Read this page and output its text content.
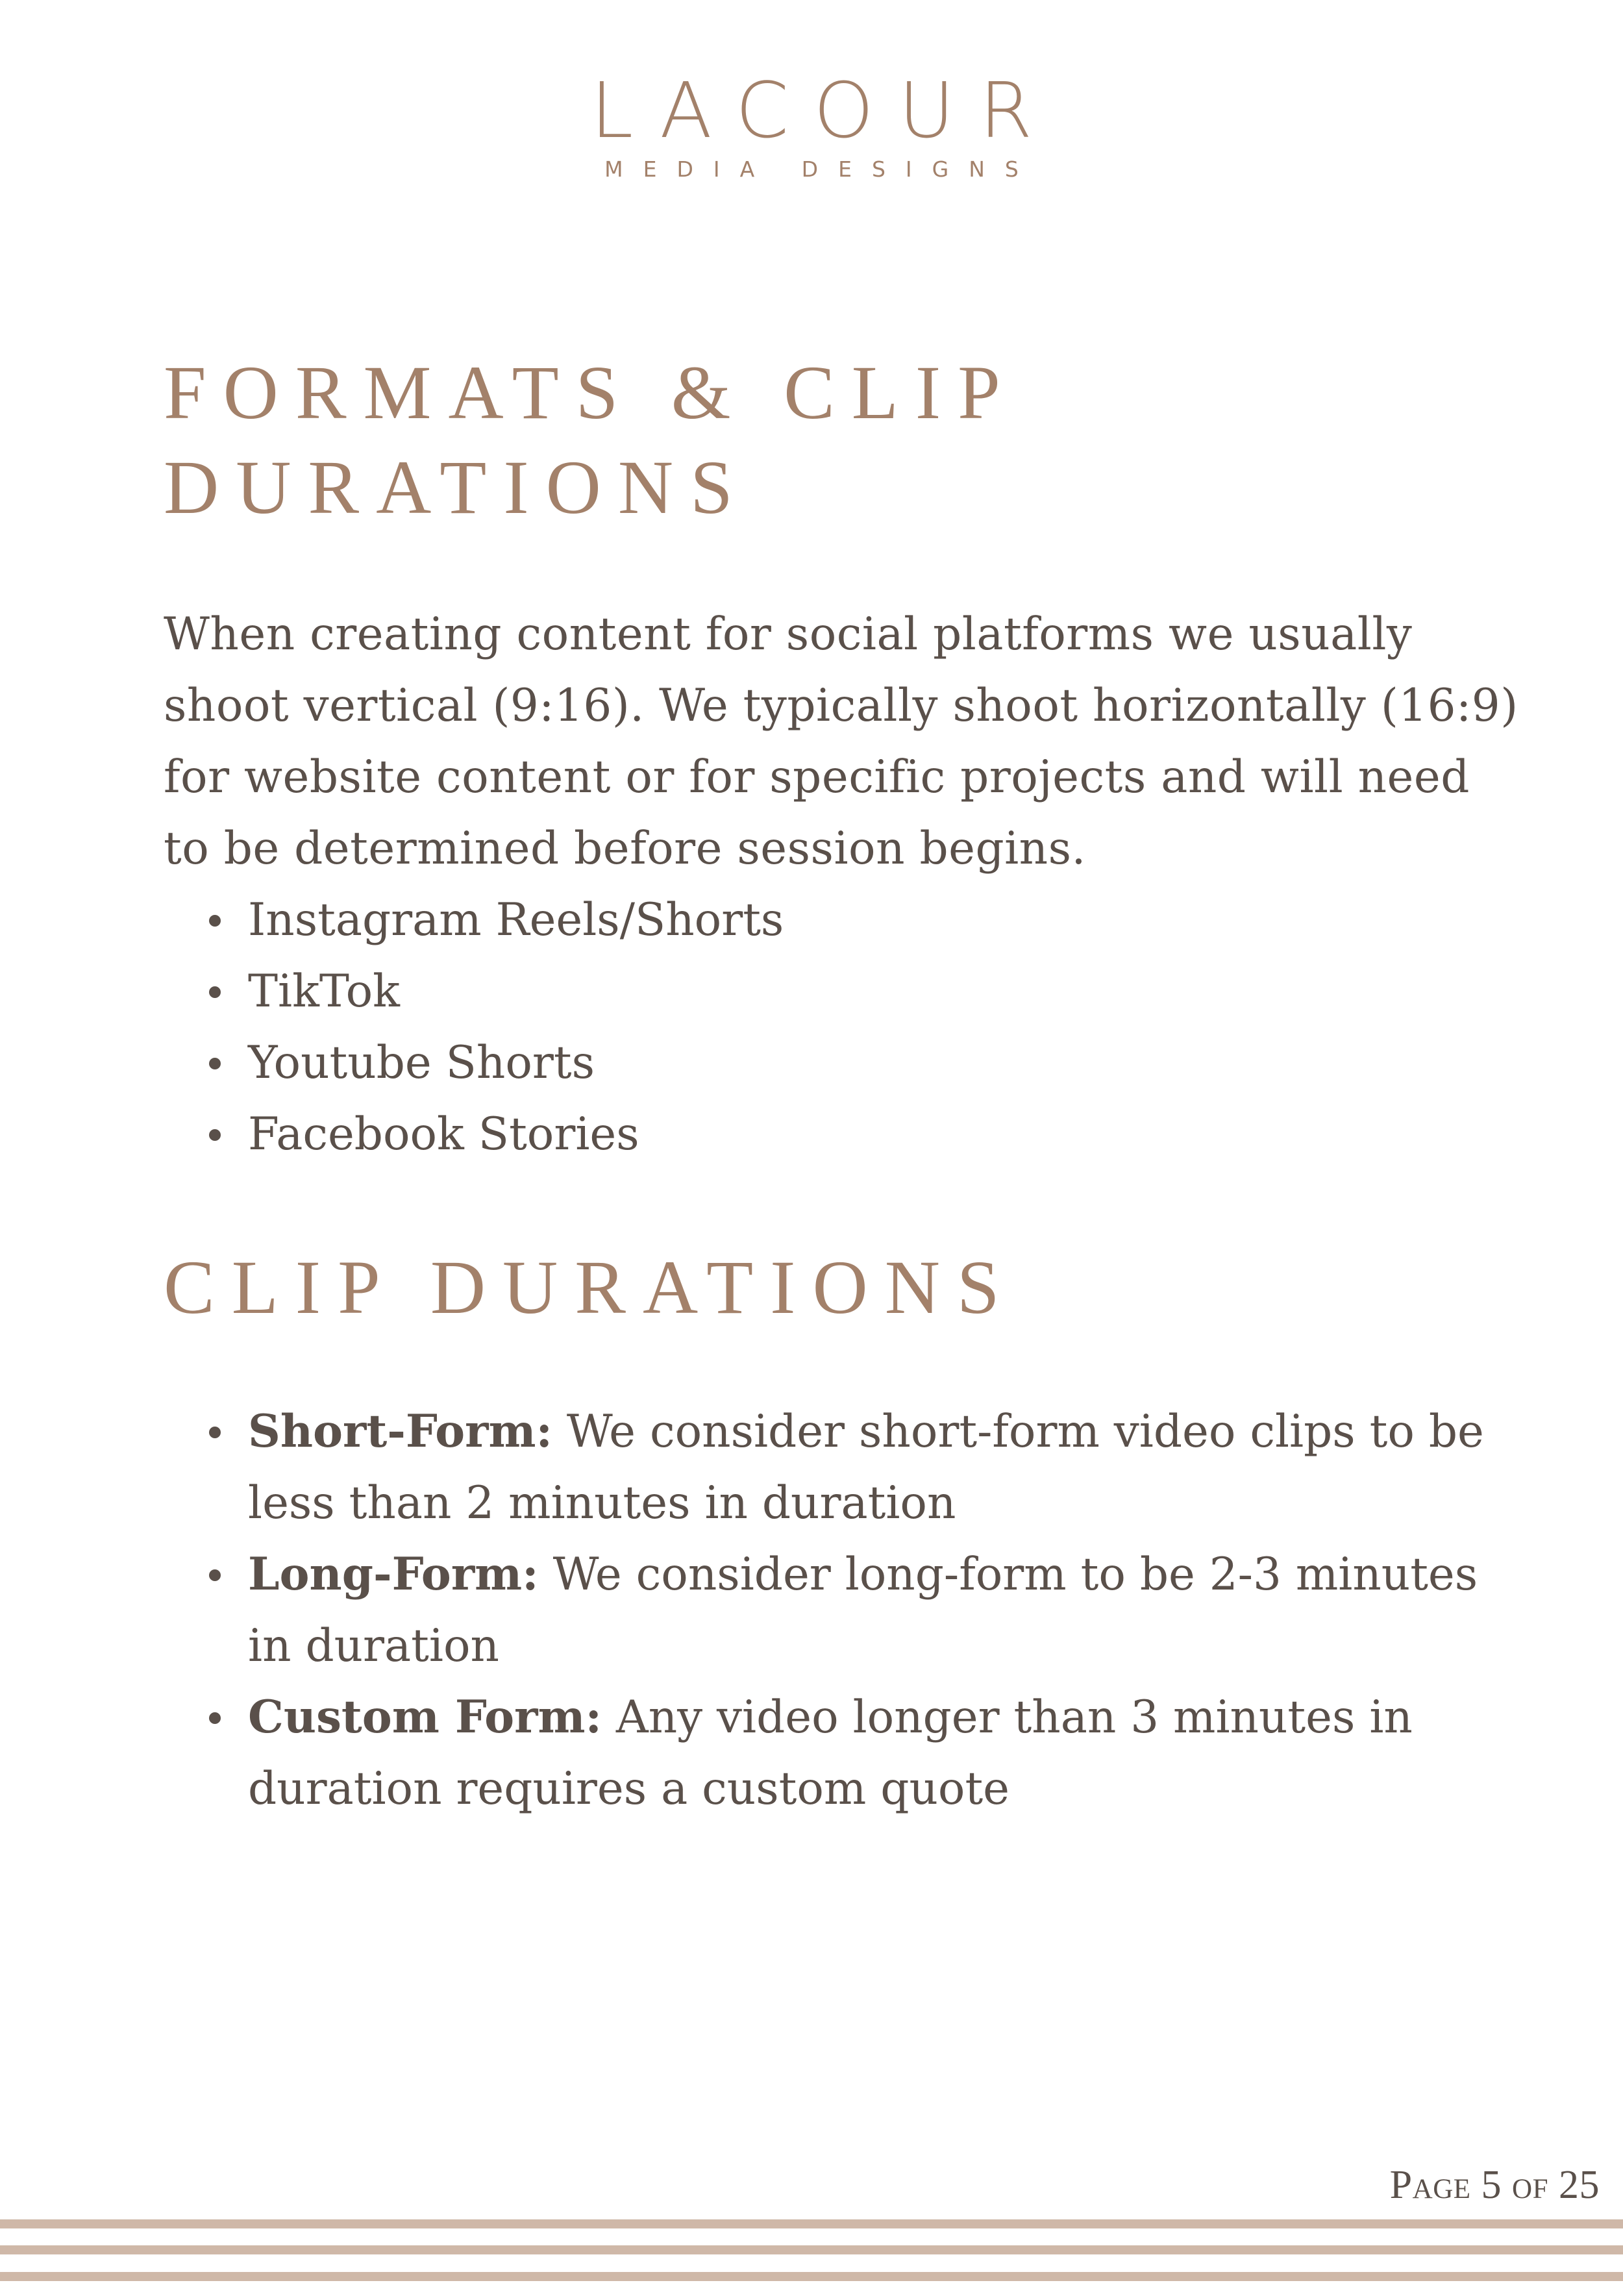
LACOUR
MEDIA DESIGNS
FORMATS & CLIP
DURATIONS

When creating content for social platforms we usually shoot vertical (9:16). We typically shoot horizontally (16:9) for website content or for specific projects and will need to be determined before session begins.

Instagram Reels/Shorts
TikTok
Youtube Shorts
Facebook Stories
CLIP DURATIONS
Short-Form: We consider short-form video clips to be less than 2 minutes in duration
Long-Form: We consider long-form to be 2-3 minutes in duration
Custom Form: Any video longer than 3 minutes in duration requires a custom quote
Page 5 of 25
